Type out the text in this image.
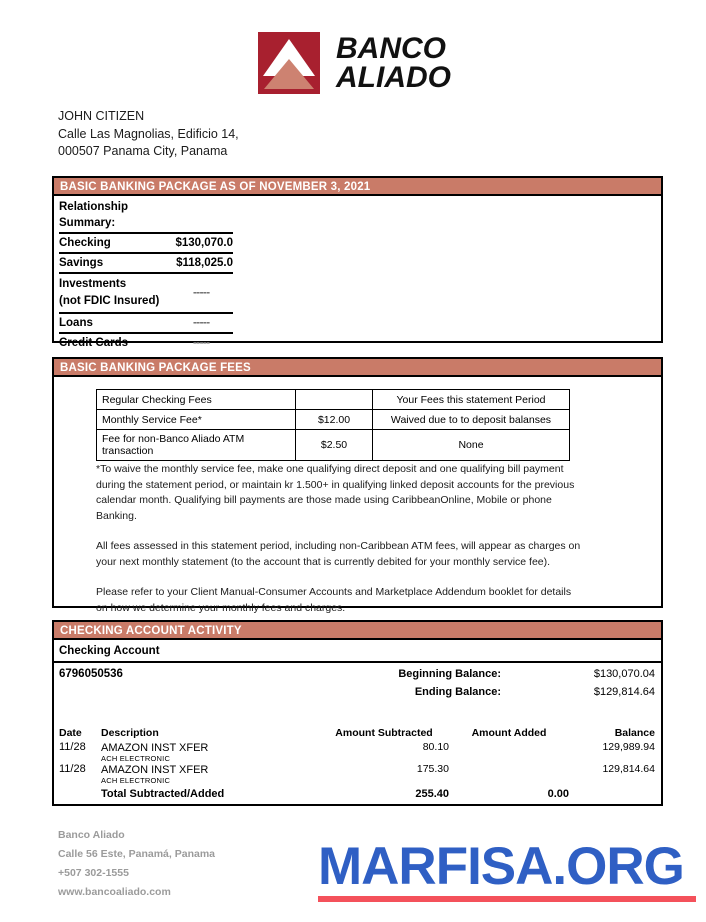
BANCO
ALIADO
JOHN CITIZEN
Calle Las Magnolias, Edificio 14,
000507 Panama City, Panama
BASIC BANKING PACKAGE AS OF NOVEMBER 3, 2021
Relationship
Summary:
Checking	$130,070.0
Savings	$118,025.0

Investments
(not FDIC Insured)	-----
Loans	-----
Credit Cards	-----
BASIC BANKING PACKAGE FEES
Regular Checking Fees		Your Fees this statement Period
Monthly Service Fee*	$12.00	Waived due to to deposit balanses
Fee for non-Banco Aliado ATM transaction	$2.50	None

*To waive the monthly service fee, make one qualifying direct deposit and one qualifying bill payment during the statement period, or maintain kr 1.500+ in qualifying linked deposit accounts for the previous calendar month. Qualifying bill payments are those made using CaribbeanOnline, Mobile or phone Banking.

All fees assessed in this statement period, including non-Caribbean ATM fees, will appear as charges on your next monthly statement (to the account that is currently debited for your monthly service fee).

Please refer to your Client Manual-Consumer Accounts and Marketplace Addendum booklet for details on how we determine your monthly fees and charges.

CHECKING ACCOUNT ACTIVITY
Checking Account
6796050536	Beginning Balance:	$130,070.04
Ending Balance:	$129,814.64
Date	Description	Amount Subtracted	Amount Added	Balance
11/28	AMAZON INST XFER
ACH ELECTRONIC	80.10		129,989.94
11/28	AMAZON INST XFER
ACH ELECTRONIC	175.30		129,814.64
	Total Subtracted/Added	255.40	0.00	
Banco Aliado
Calle 56 Este, Panamá, Panama
+507 302-1555
www.bancoaliado.com	MARFISA.ORG
